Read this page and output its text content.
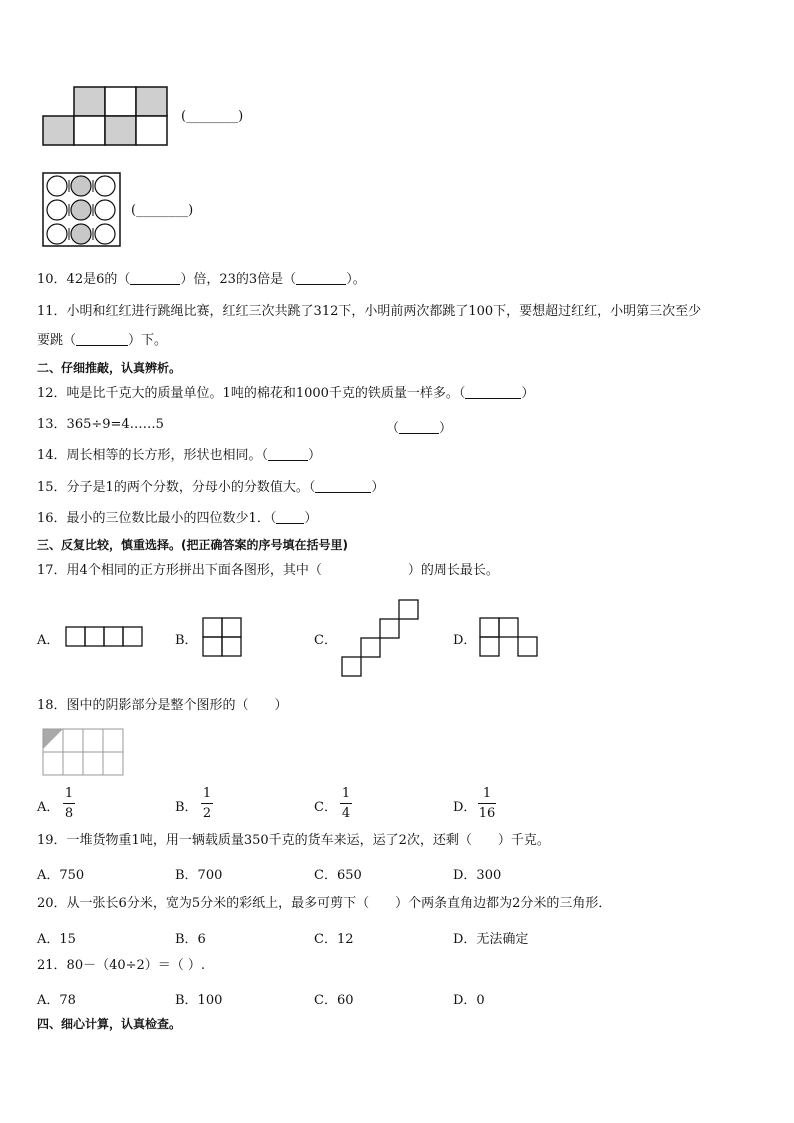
(________)
(________)
10．42是6的（	）倍，23的3倍是（	）。
11．小明和红红进行跳绳比赛，红红三次共跳了312下，小明前两次都跳了100下，要想超过红红，小明第三次至少
要跳（	）下。
二、仔细推敲，认真辨析。
12．吨是比千克大的质量单位。1吨的棉花和1000千克的铁质量一样多。（	）
13．365÷9=4……5	（	）
14．周长相等的长方形，形状也相同。（	）
15．分子是1的两个分数，分母小的分数值大。（	）
16．最小的三位数比最小的四位数少1．（ ）
三、反复比较，慎重选择。(把正确答案的序号填在括号里)
17．用4个相同的正方形拼出下面各图形，其中（	）的周长最长。
A．	B．	C．	D．
18．图中的阴影部分是整个图形的（　　）
A．
1
8	B．
1
2	C．
1
4	D．
1
16
19．一堆货物重1吨，用一辆载质量350千克的货车来运，运了2次，还剩（　　）千克。
A．750	B．700	C．650	D．300
20．从一张长6分米，宽为5分米的彩纸上，最多可剪下（　　）个两条直角边都为2分米的三角形．
A．15	B．6	C．12	D．无法确定
21．80－（40÷2）＝（ ）.
A．78	B．100	C．60	D．0
四、细心计算，认真检查。
